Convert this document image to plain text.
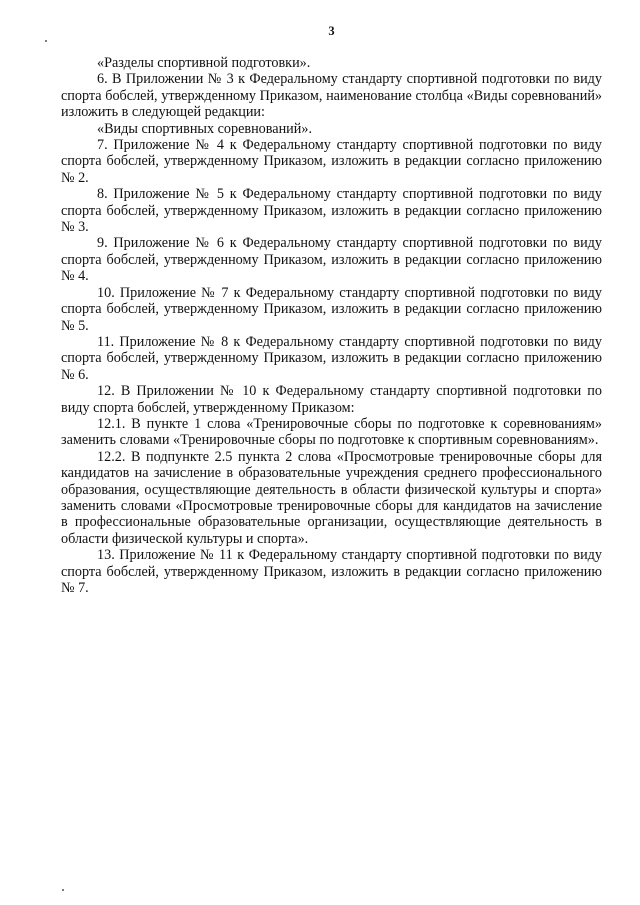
3

«Разделы спортивной подготовки».

6. В Приложении № 3 к Федеральному стандарту спортивной подготовки по виду спорта бобслей, утвержденному Приказом, наименование столбца «Виды соревнований» изложить в следующей редакции:

«Виды спортивных соревнований».

7. Приложение № 4 к Федеральному стандарту спортивной подготовки по виду спорта бобслей, утвержденному Приказом, изложить в редакции согласно приложению № 2.

8. Приложение № 5 к Федеральному стандарту спортивной подготовки по виду спорта бобслей, утвержденному Приказом, изложить в редакции согласно приложению № 3.

9. Приложение № 6 к Федеральному стандарту спортивной подготовки по виду спорта бобслей, утвержденному Приказом, изложить в редакции согласно приложению № 4.

10. Приложение № 7 к Федеральному стандарту спортивной подготовки по виду спорта бобслей, утвержденному Приказом, изложить в редакции согласно приложению № 5.

11. Приложение № 8 к Федеральному стандарту спортивной подготовки по виду спорта бобслей, утвержденному Приказом, изложить в редакции согласно приложению № 6.

12. В Приложении № 10 к Федеральному стандарту спортивной подготовки по виду спорта бобслей, утвержденному Приказом:

12.1. В пункте 1 слова «Тренировочные сборы по подготовке к соревнованиям» заменить словами «Тренировочные сборы по подготовке к спортивным соревнованиям».

12.2. В подпункте 2.5 пункта 2 слова «Просмотровые тренировочные сборы для кандидатов на зачисление в образовательные учреждения среднего профессионального образования, осуществляющие деятельность в области физической культуры и спорта» заменить словами «Просмотровые тренировочные сборы для кандидатов на зачисление в профессиональные образовательные организации, осуществляющие деятельность в области физической культуры и спорта».

13. Приложение № 11 к Федеральному стандарту спортивной подготовки по виду спорта бобслей, утвержденному Приказом, изложить в редакции согласно приложению № 7.
